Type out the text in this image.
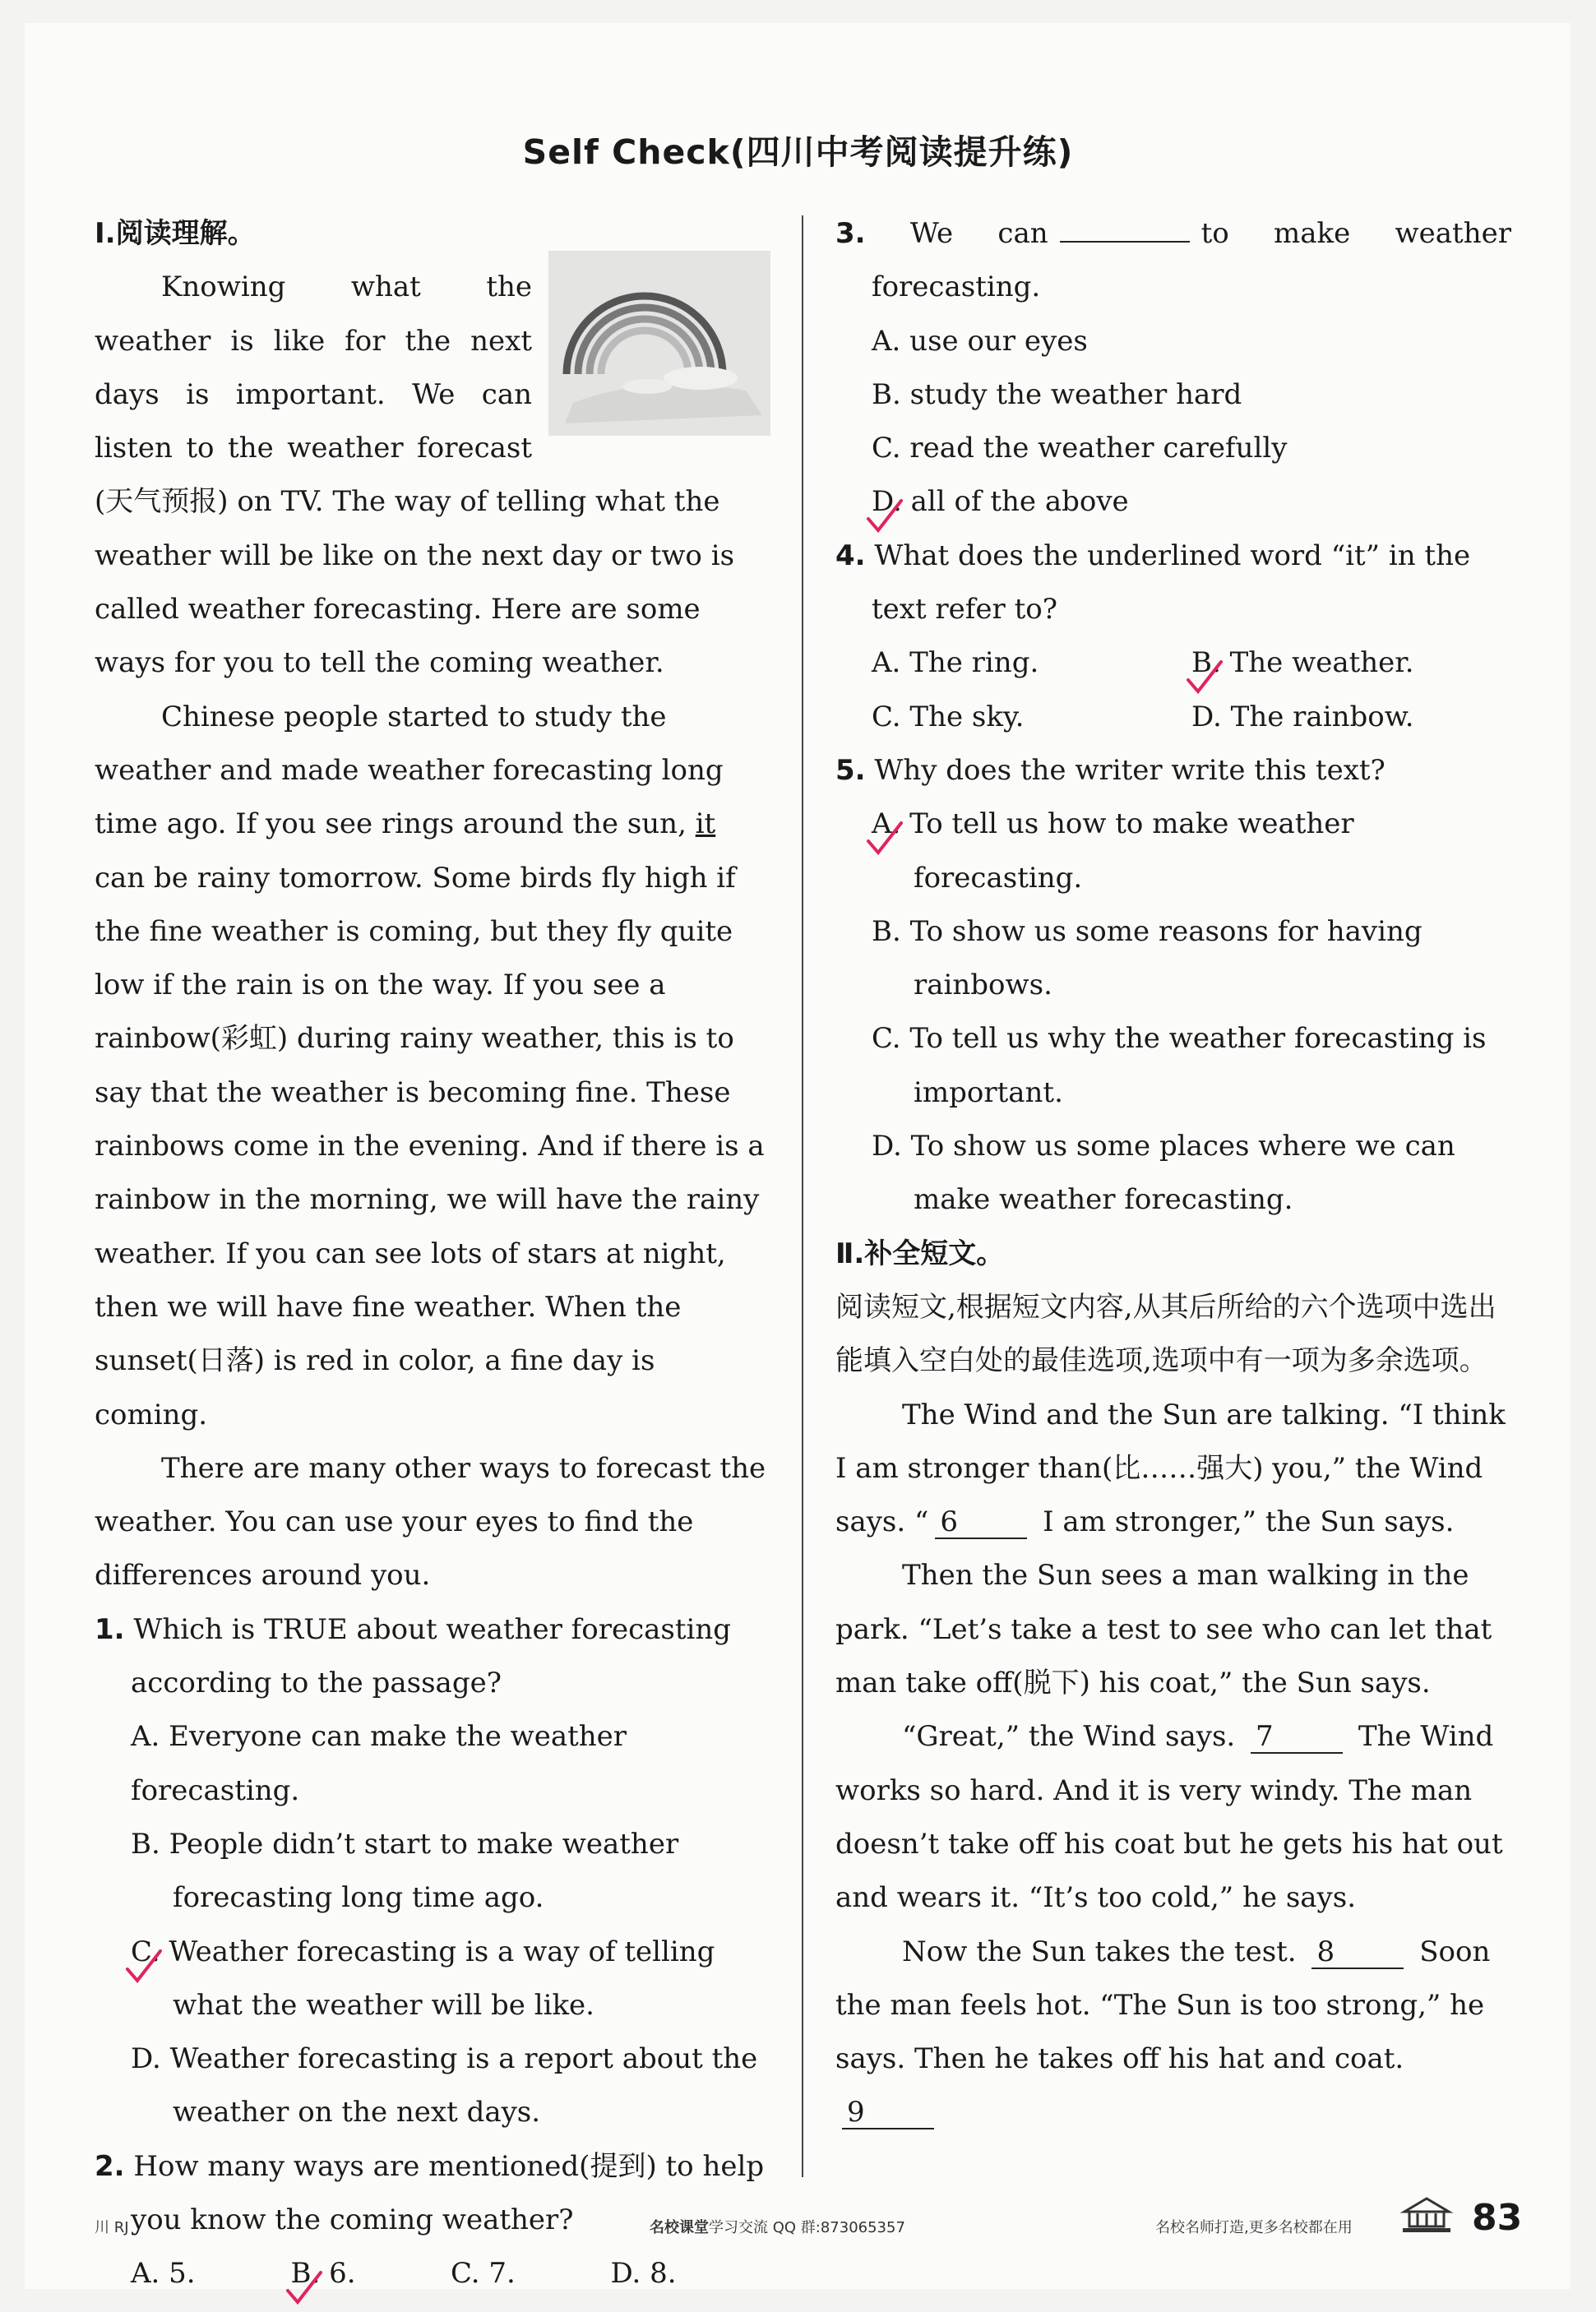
Self Check(四川中考阅读提升练)
Ⅰ.阅读理解。
Knowing what the
weather is like for the next
days is important. We can
listen to the weather forecast
(天气预报) on TV. The way of telling what the weather will be like on the next day or two is called weather forecasting. Here are some ways for you to tell the coming weather.
Chinese people started to study the weather and made weather forecasting long time ago. If you see rings around the sun, it can be rainy tomorrow. Some birds fly high if the fine weather is coming, but they fly quite low if the rain is on the way. If you see a rainbow(彩虹) during rainy weather, this is to say that the weather is becoming fine. These rainbows come in the evening. And if there is a rainbow in the morning, we will have the rainy weather. If you can see lots of stars at night, then we will have fine weather. When the sunset(日落) is red in color, a fine day is coming.
There are many other ways to forecast the weather. You can use your eyes to find the differences around you.
1. Which is TRUE about weather forecasting according to the passage?
A. Everyone can make the weather forecasting.
B. People didn’t start to make weather forecasting long time ago.
C. Weather forecasting is a way of telling what the weather will be like.
D. Weather forecasting is a report about the weather on the next days.
2. How many ways are mentioned(提到) to help you know the coming weather?
A. 5.	B. 6.	C. 7.	D. 8.
3. We can	to make weather forecasting.
A. use our eyes
B. study the weather hard
C. read the weather carefully
D. all of the above
4. What does the underlined word “it” in the text refer to?
A. The ring.	B. The weather.
C. The sky.	D. The rainbow.
5. Why does the writer write this text?
A. To tell us how to make weather forecasting.
B. To show us some reasons for having rainbows.
C. To tell us why the weather forecasting is important.
D. To show us some places where we can make weather forecasting.
Ⅱ.补全短文。
阅读短文,根据短文内容,从其后所给的六个选项中选出能填入空白处的最佳选项,选项中有一项为多余选项。
The Wind and the Sun are talking. “I think I am stronger than(比……强大) you,” the Wind says. “ 6	I am stronger,” the Sun says.
Then the Sun sees a man walking in the park. “Let’s take a test to see who can let that man take off(脱下) his coat,” the Sun says.
“Great,” the Wind says. 7	The Wind works so hard. And it is very windy. The man doesn’t take off his coat but he gets his hat out and wears it. “It’s too cold,” he says.
Now the Sun takes the test. 8	Soon the man feels hot. “The Sun is too strong,” he says. Then he takes off his hat and coat. 9
川 RJ	名校课堂学习交流 QQ 群:873065357	名校名师打造,更多名校都在用	83
